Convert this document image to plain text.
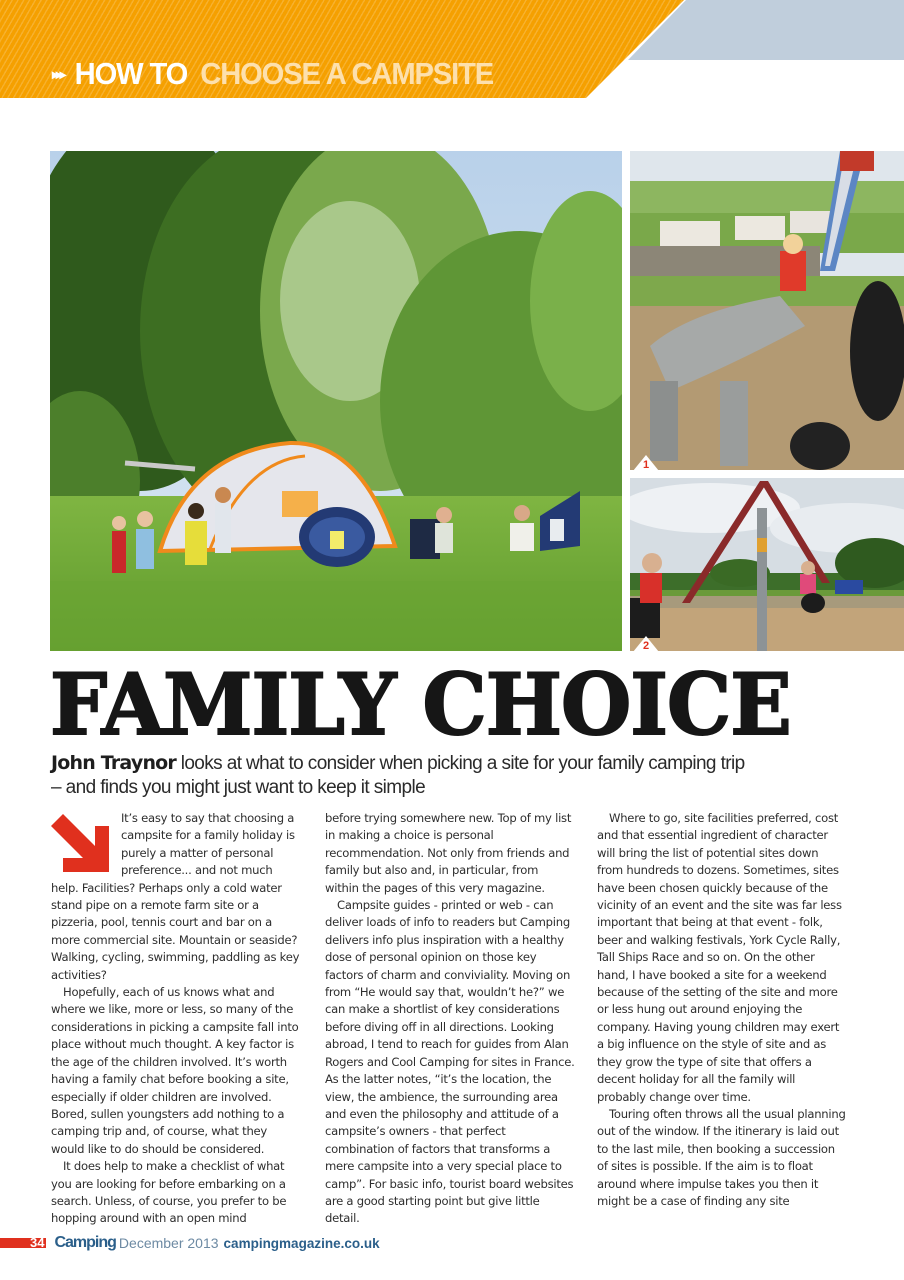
▸▸▸ HOW TO CHOOSE A CAMPSITE
1
2
FAMILY CHOICE

John Traynor looks at what to consider when picking a site for your family camping trip – and finds you might just want to keep it simple

It’s easy to say that choosing a campsite for a family holiday is purely a matter of personal preference... and not much help. Facilities? Perhaps only a cold water stand pipe on a remote farm site or a pizzeria, pool, tennis court and bar on a more commercial site. Mountain or seaside? Walking, cycling, swimming, paddling as key activities?

Hopefully, each of us knows what and where we like, more or less, so many of the considerations in picking a campsite fall into place without much thought. A key factor is the age of the children involved. It’s worth having a family chat before booking a site, especially if older children are involved. Bored, sullen youngsters add nothing to a camping trip and, of course, what they would like to do should be considered.

It does help to make a checklist of what you are looking for before embarking on a search. Unless, of course, you prefer to be hopping around with an open mind

before trying somewhere new. Top of my list in making a choice is personal recommendation. Not only from friends and family but also and, in particular, from within the pages of this very magazine.

Campsite guides - printed or web - can deliver loads of info to readers but Camping delivers info plus inspiration with a healthy dose of personal opinion on those key factors of charm and conviviality. Moving on from “He would say that, wouldn’t he?” we can make a shortlist of key considerations before diving off in all directions. Looking abroad, I tend to reach for guides from Alan Rogers and Cool Camping for sites in France. As the latter notes, “it’s the location, the view, the ambience, the surrounding area and even the philosophy and attitude of a campsite’s owners - that perfect combination of factors that transforms a mere campsite into a very special place to camp”. For basic info, tourist board websites are a good starting point but give little detail.

Where to go, site facilities preferred, cost and that essential ingredient of character will bring the list of potential sites down from hundreds to dozens. Sometimes, sites have been chosen quickly because of the vicinity of an event and the site was far less important that being at that event - folk, beer and walking festivals, York Cycle Rally, Tall Ships Race and so on. On the other hand, I have booked a site for a weekend because of the setting of the site and more or less hung out around enjoying the company. Having young children may exert a big influence on the style of site and as they grow the type of site that offers a decent holiday for all the family will probably change over time.

Touring often throws all the usual planning out of the window. If the itinerary is laid out to the last mile, then booking a succession of sites is possible. If the aim is to float around where impulse takes you then it might be a case of finding any site

34 Camping December 2013 campingmagazine.co.uk
